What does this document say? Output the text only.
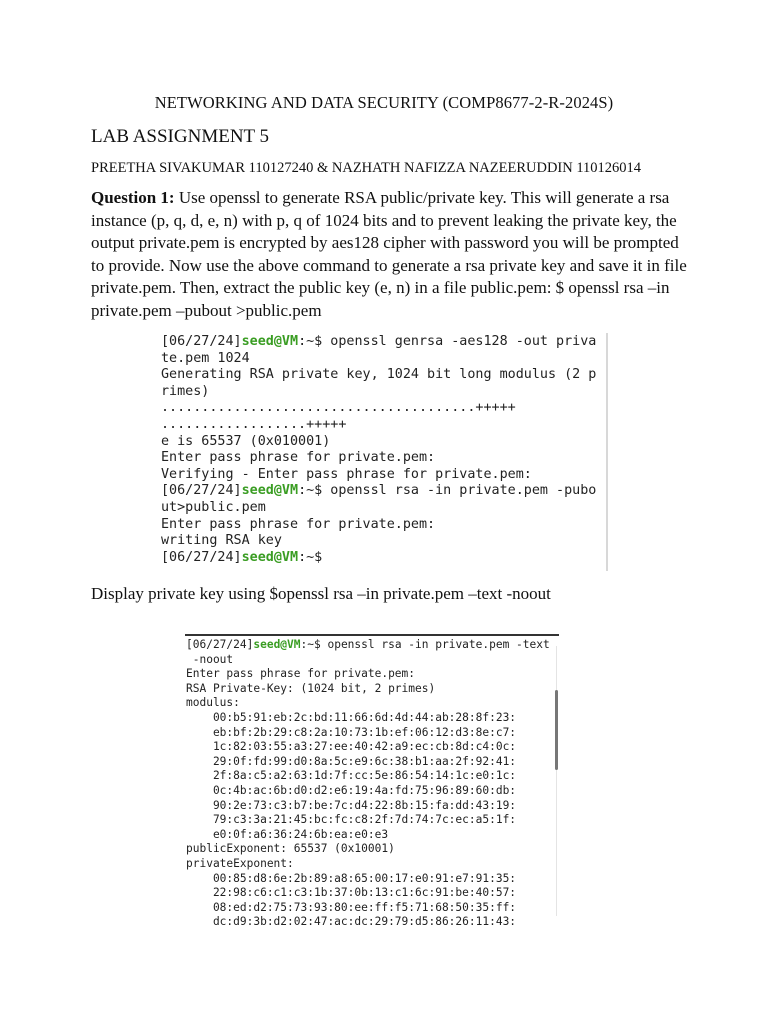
NETWORKING AND DATA SECURITY (COMP8677-2-R-2024S)
LAB ASSIGNMENT 5
PREETHA SIVAKUMAR 110127240 & NAZHATH NAFIZZA NAZEERUDDIN 110126014
Question 1: Use openssl to generate RSA public/private key. This will generate a rsa instance (p, q, d, e, n) with p, q of 1024 bits and to prevent leaking the private key, the output private.pem is encrypted by aes128 cipher with password you will be prompted to provide. Now use the above command to generate a rsa private key and save it in file private.pem. Then, extract the public key (e, n) in a file public.pem: $ openssl rsa –in private.pem –pubout >public.pem
[06/27/24]seed@VM:~$ openssl genrsa -aes128 -out priva
te.pem 1024
Generating RSA private key, 1024 bit long modulus (2 p
rimes)
.......................................+++++
..................+++++
e is 65537 (0x010001)
Enter pass phrase for private.pem:
Verifying - Enter pass phrase for private.pem:
[06/27/24]seed@VM:~$ openssl rsa -in private.pem -pubo
ut>public.pem
Enter pass phrase for private.pem:
writing RSA key
[06/27/24]seed@VM:~$
Display private key using $openssl rsa –in private.pem –text -noout
[06/27/24]seed@VM:~$ openssl rsa -in private.pem -text
-noout
Enter pass phrase for private.pem:
RSA Private-Key: (1024 bit, 2 primes)
modulus:
00:b5:91:eb:2c:bd:11:66:6d:4d:44:ab:28:8f:23:
eb:bf:2b:29:c8:2a:10:73:1b:ef:06:12:d3:8e:c7:
1c:82:03:55:a3:27:ee:40:42:a9:ec:cb:8d:c4:0c:
29:0f:fd:99:d0:8a:5c:e9:6c:38:b1:aa:2f:92:41:
2f:8a:c5:a2:63:1d:7f:cc:5e:86:54:14:1c:e0:1c:
0c:4b:ac:6b:d0:d2:e6:19:4a:fd:75:96:89:60:db:
90:2e:73:c3:b7:be:7c:d4:22:8b:15:fa:dd:43:19:
79:c3:3a:21:45:bc:fc:c8:2f:7d:74:7c:ec:a5:1f:
e0:0f:a6:36:24:6b:ea:e0:e3
publicExponent: 65537 (0x10001)
privateExponent:
00:85:d8:6e:2b:89:a8:65:00:17:e0:91:e7:91:35:
22:98:c6:c1:c3:1b:37:0b:13:c1:6c:91:be:40:57:
08:ed:d2:75:73:93:80:ee:ff:f5:71:68:50:35:ff:
dc:d9:3b:d2:02:47:ac:dc:29:79:d5:86:26:11:43:
